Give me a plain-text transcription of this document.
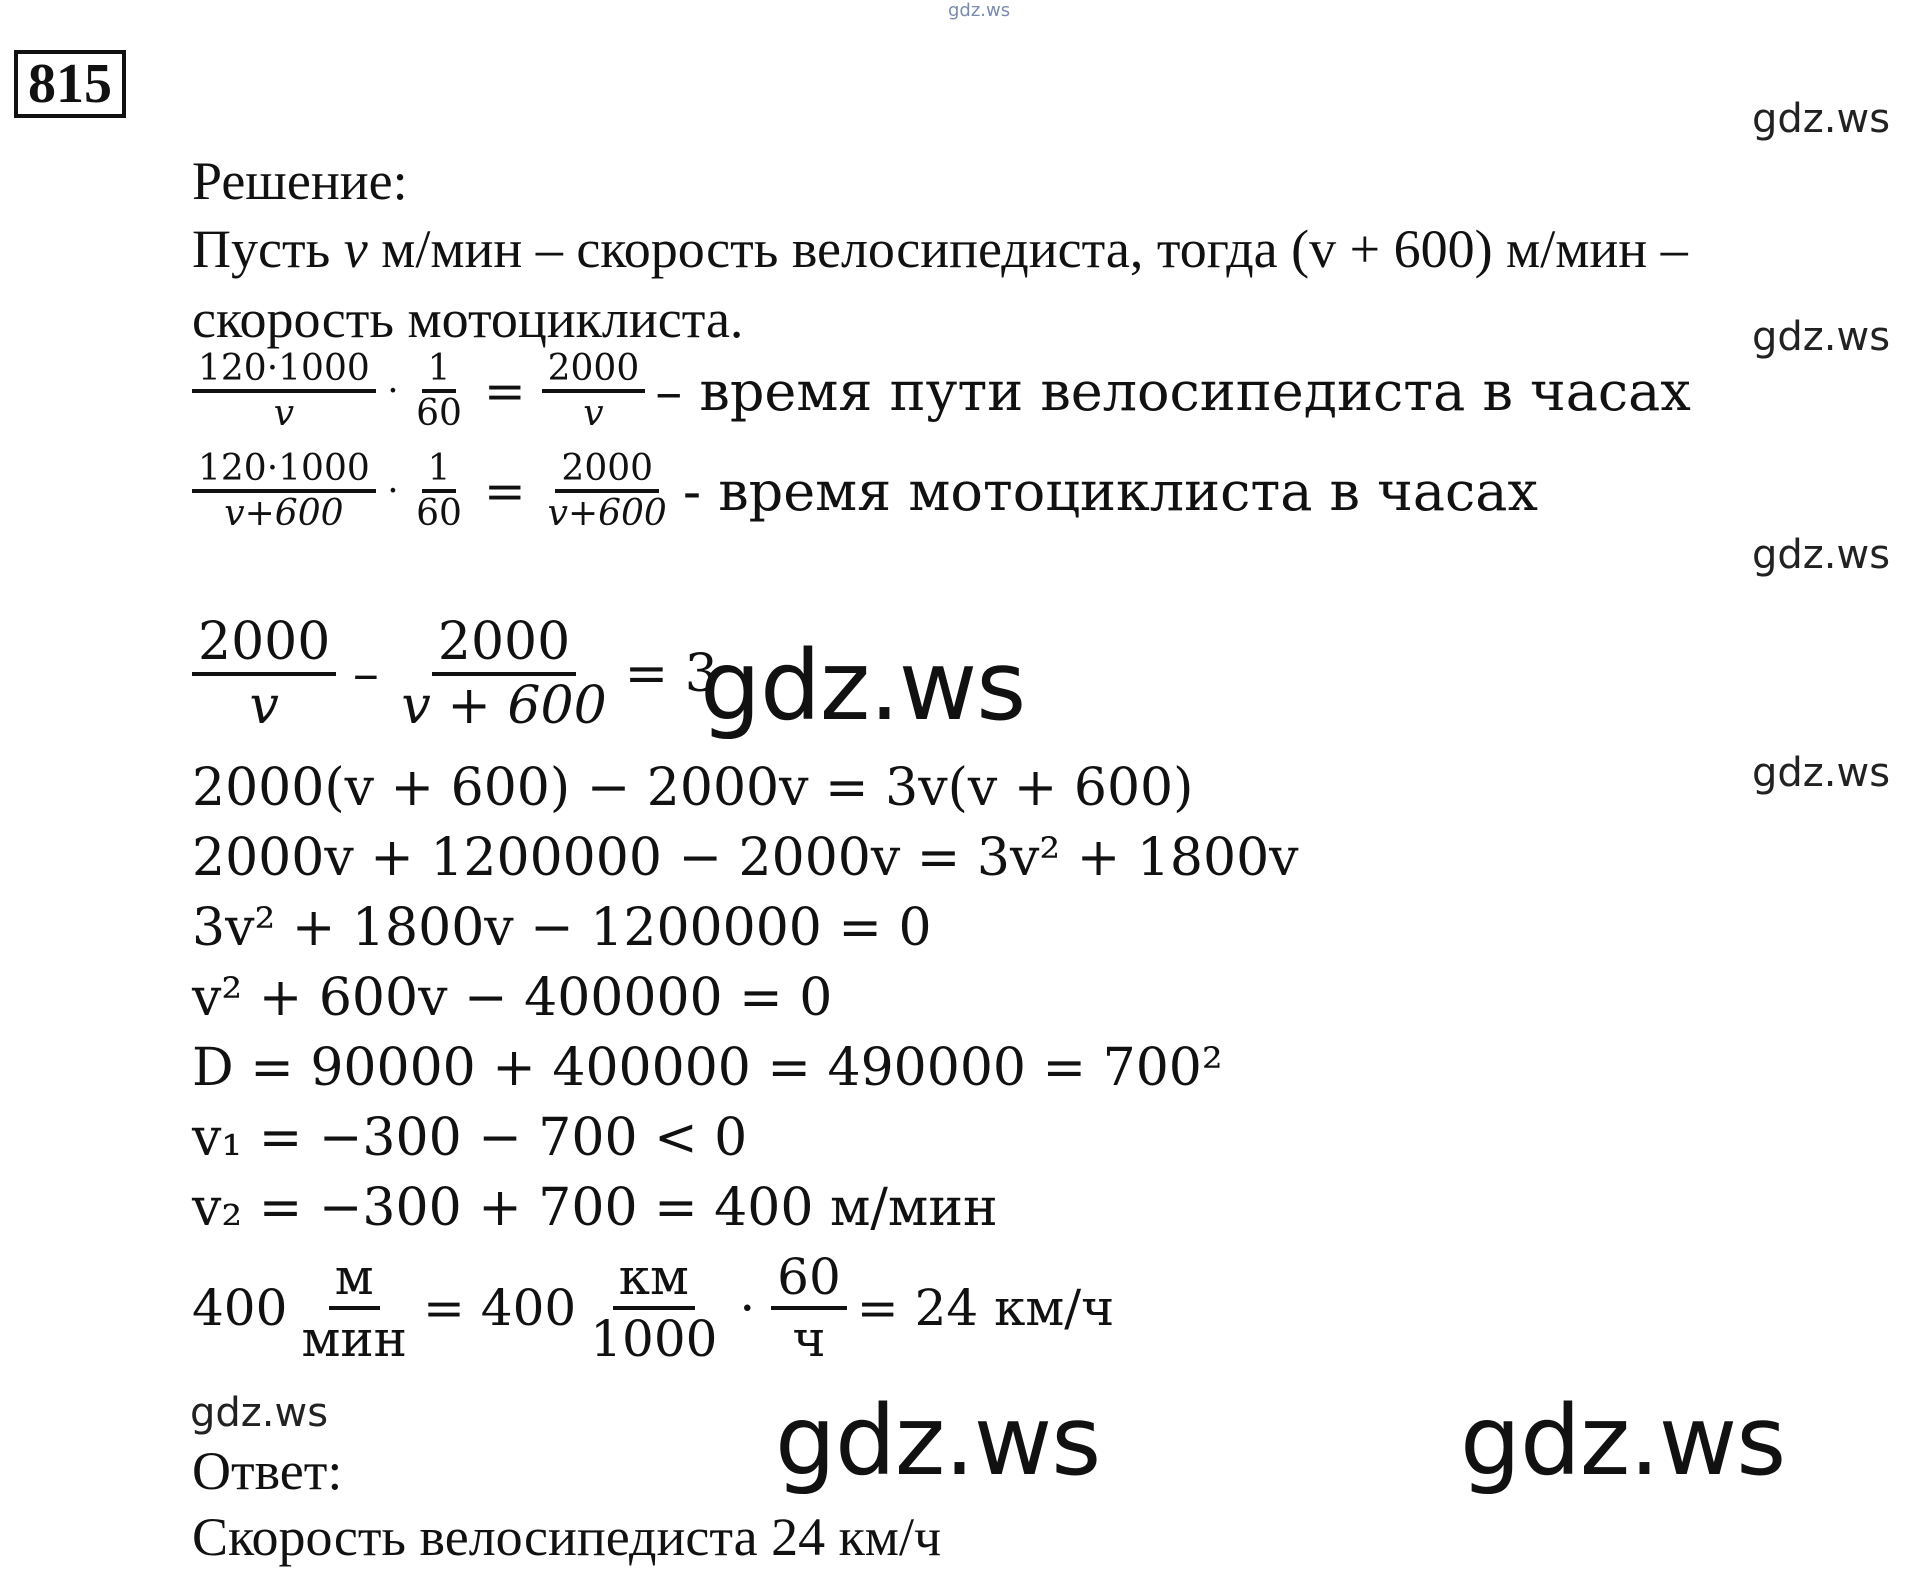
gdz.ws
gdz.ws
gdz.ws
gdz.ws
gdz.ws
gdz.ws
gdz.ws
gdz.ws	gdz.ws
815
Решение:
Пусть v м/мин – скорость велосипедиста, тогда (v + 600) м/мин –
скорость мотоциклиста.
$\frac{120\cdot 1000}{v} \cdot \frac{1}{60} = \frac{2000}{v}$ – время пути велосипедиста в часах
$\frac{120\cdot 1000}{v+600} \cdot \frac{1}{60} = \frac{2000}{v+600}$ - время мотоциклиста в часах
$\frac{2000}{v} - \frac{2000}{v + 600} = 3$
2000(v + 600) − 2000v = 3v(v + 600)
2000v + 1200000 − 2000v = 3v² + 1800v
3v² + 1800v − 1200000 = 0
v² + 600v − 400000 = 0
D = 90000 + 400000 = 490000 = 700²
v₁ = −300 − 700 < 0
v₂ = −300 + 700 = 400 м/мин
$400 \frac{м}{\text{мин}} = 400 \frac{км}{1000} \cdot \frac{60}{ч} = 24$ км/ч
Ответ:
Скорость велосипедиста 24 км/ч
